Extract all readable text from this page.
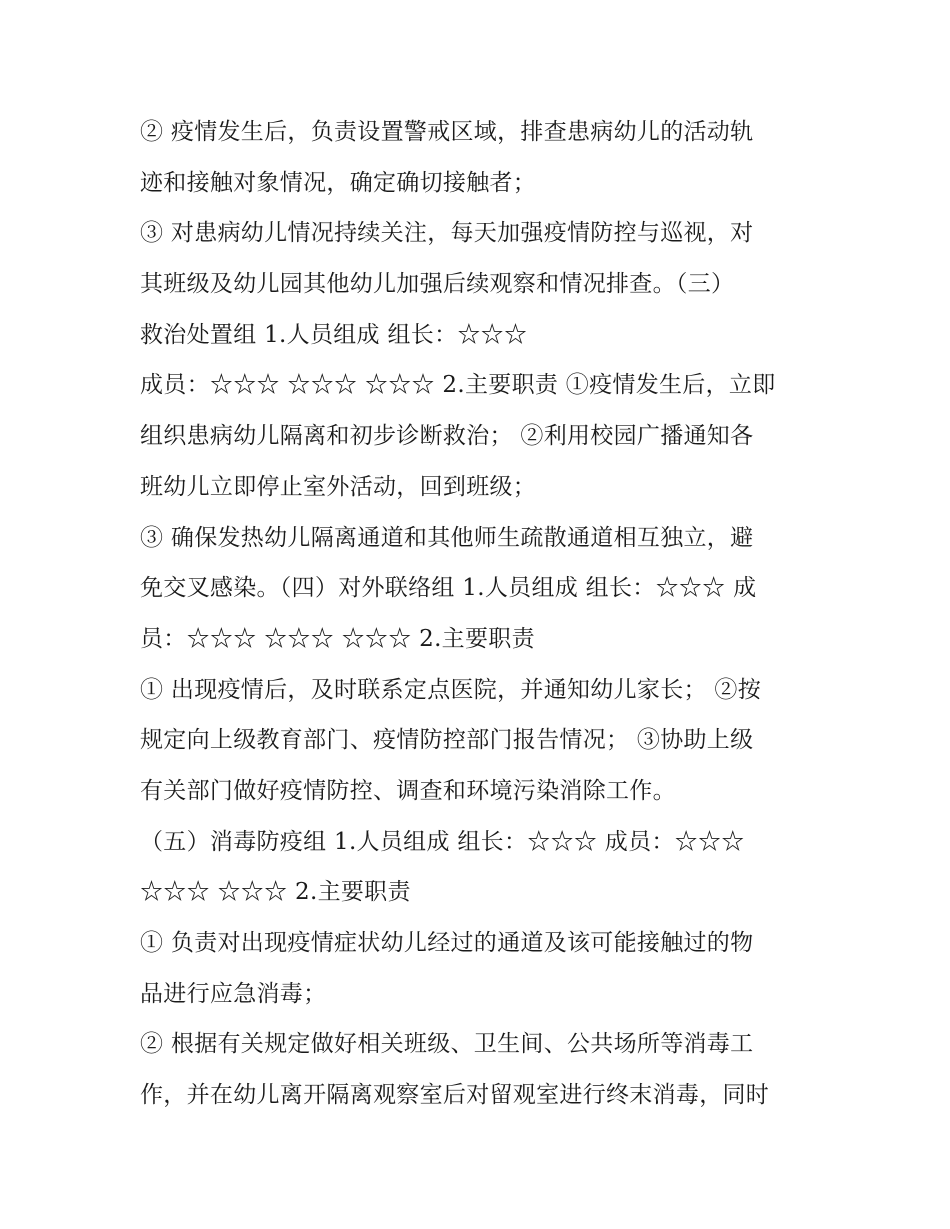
② 疫情发生后，负责设置警戒区域，排查患病幼儿的活动轨
迹和接触对象情况，确定确切接触者；
③ 对患病幼儿情况持续关注，每天加强疫情防控与巡视，对
其班级及幼儿园其他幼儿加强后续观察和情况排查。（三）
救治处置组 1.人员组成 组长：☆☆☆
成员：☆☆☆ ☆☆☆ ☆☆☆ 2.主要职责 ①疫情发生后，立即
组织患病幼儿隔离和初步诊断救治； ②利用校园广播通知各
班幼儿立即停止室外活动，回到班级；
③ 确保发热幼儿隔离通道和其他师生疏散通道相互独立，避
免交叉感染。（四）对外联络组 1.人员组成 组长：☆☆☆ 成
员：☆☆☆ ☆☆☆ ☆☆☆ 2.主要职责
① 出现疫情后，及时联系定点医院，并通知幼儿家长； ②按
规定向上级教育部门、疫情防控部门报告情况； ③协助上级
有关部门做好疫情防控、调查和环境污染消除工作。
（五）消毒防疫组 1.人员组成 组长：☆☆☆ 成员：☆☆☆
☆☆☆ ☆☆☆ 2.主要职责
① 负责对出现疫情症状幼儿经过的通道及该可能接触过的物
品进行应急消毒；
② 根据有关规定做好相关班级、卫生间、公共场所等消毒工
作，并在幼儿离开隔离观察室后对留观室进行终末消毒，同时
